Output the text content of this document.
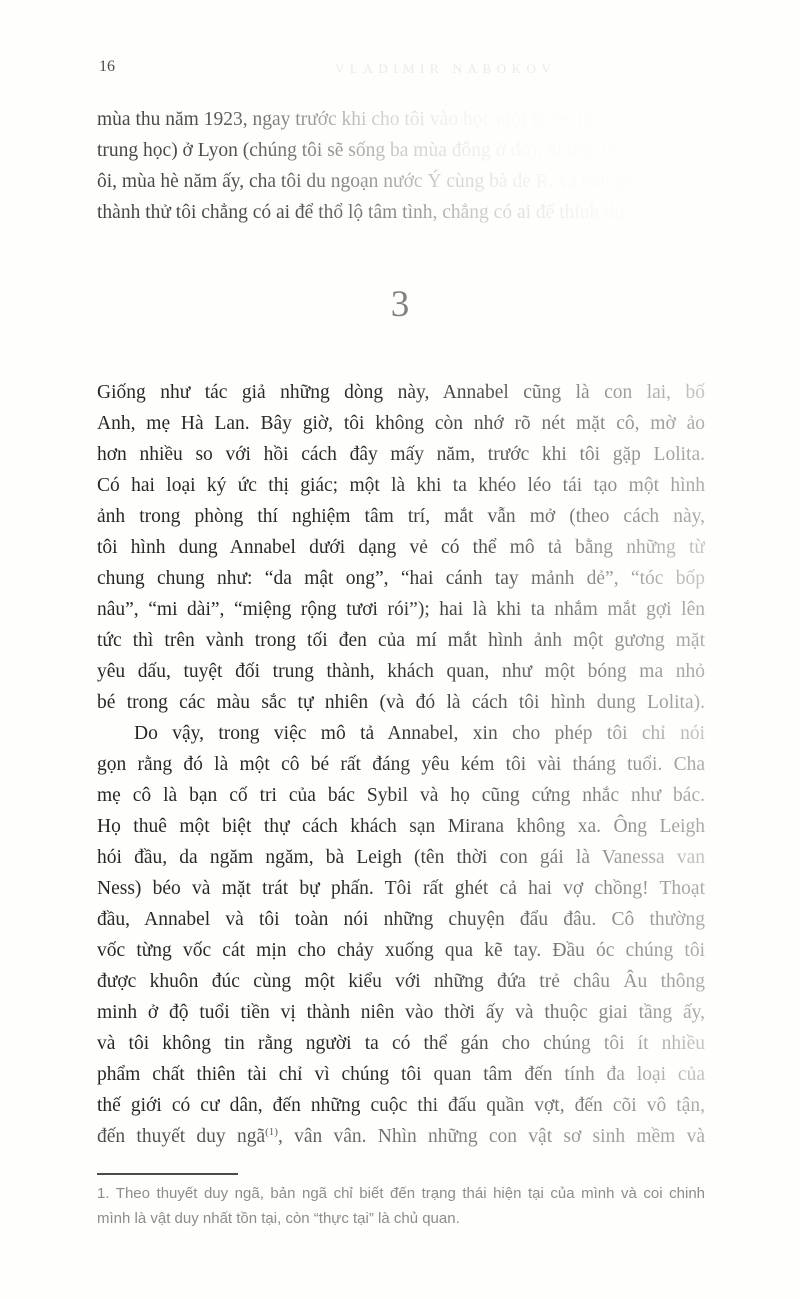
16	VLADIMIR NABOKOV
mùa thu năm 1923, ngay trước khi cho tôi vào học một lycée (trường
trung học) ở Lyon (chúng tôi sẽ sống ba mùa đông ở đó); nhưng than
ôi, mùa hè năm ấy, cha tôi du ngoạn nước Ý cùng bà de R. và con gái,
thành thử tôi chẳng có ai để thổ lộ tâm tình, chẳng có ai để thỉnh thị.
3
Giống như tác giả những dòng này, Annabel cũng là con lai, bố
Anh, mẹ Hà Lan. Bây giờ, tôi không còn nhớ rõ nét mặt cô, mờ ảo
hơn nhiều so với hồi cách đây mấy năm, trước khi tôi gặp Lolita.
Có hai loại ký ức thị giác; một là khi ta khéo léo tái tạo một hình
ảnh trong phòng thí nghiệm tâm trí, mắt vẫn mở (theo cách này,
tôi hình dung Annabel dưới dạng vẻ có thể mô tả bằng những từ
chung chung như: “da mật ong”, “hai cánh tay mảnh dẻ”, “tóc bốp
nâu”, “mi dài”, “miệng rộng tươi rói”); hai là khi ta nhắm mắt gợi lên
tức thì trên vành trong tối đen của mí mắt hình ảnh một gương mặt
yêu dấu, tuyệt đối trung thành, khách quan, như một bóng ma nhỏ
bé trong các màu sắc tự nhiên (và đó là cách tôi hình dung Lolita).
Do vậy, trong việc mô tả Annabel, xin cho phép tôi chỉ nói
gọn rằng đó là một cô bé rất đáng yêu kém tôi vài tháng tuổi. Cha
mẹ cô là bạn cố tri của bác Sybil và họ cũng cứng nhắc như bác.
Họ thuê một biệt thự cách khách sạn Mirana không xa. Ông Leigh
hói đầu, da ngăm ngăm, bà Leigh (tên thời con gái là Vanessa van
Ness) béo và mặt trát bự phấn. Tôi rất ghét cả hai vợ chồng! Thoạt
đầu, Annabel và tôi toàn nói những chuyện đẩu đâu. Cô thường
vốc từng vốc cát mịn cho chảy xuống qua kẽ tay. Đầu óc chúng tôi
được khuôn đúc cùng một kiểu với những đứa trẻ châu Âu thông
minh ở độ tuổi tiền vị thành niên vào thời ấy và thuộc giai tầng ấy,
và tôi không tin rằng người ta có thể gán cho chúng tôi ít nhiều
phẩm chất thiên tài chỉ vì chúng tôi quan tâm đến tính đa loại của
thế giới có cư dân, đến những cuộc thi đấu quần vợt, đến cõi vô tận,
đến thuyết duy ngã$^{(1)}$, vân vân. Nhìn những con vật sơ sinh mềm và
1. Theo thuyết duy ngã, bản ngã chỉ biết đến trạng thái hiện tại của mình và coi chinh
mình là vật duy nhất tồn tại, còn “thực tại” là chủ quan.
